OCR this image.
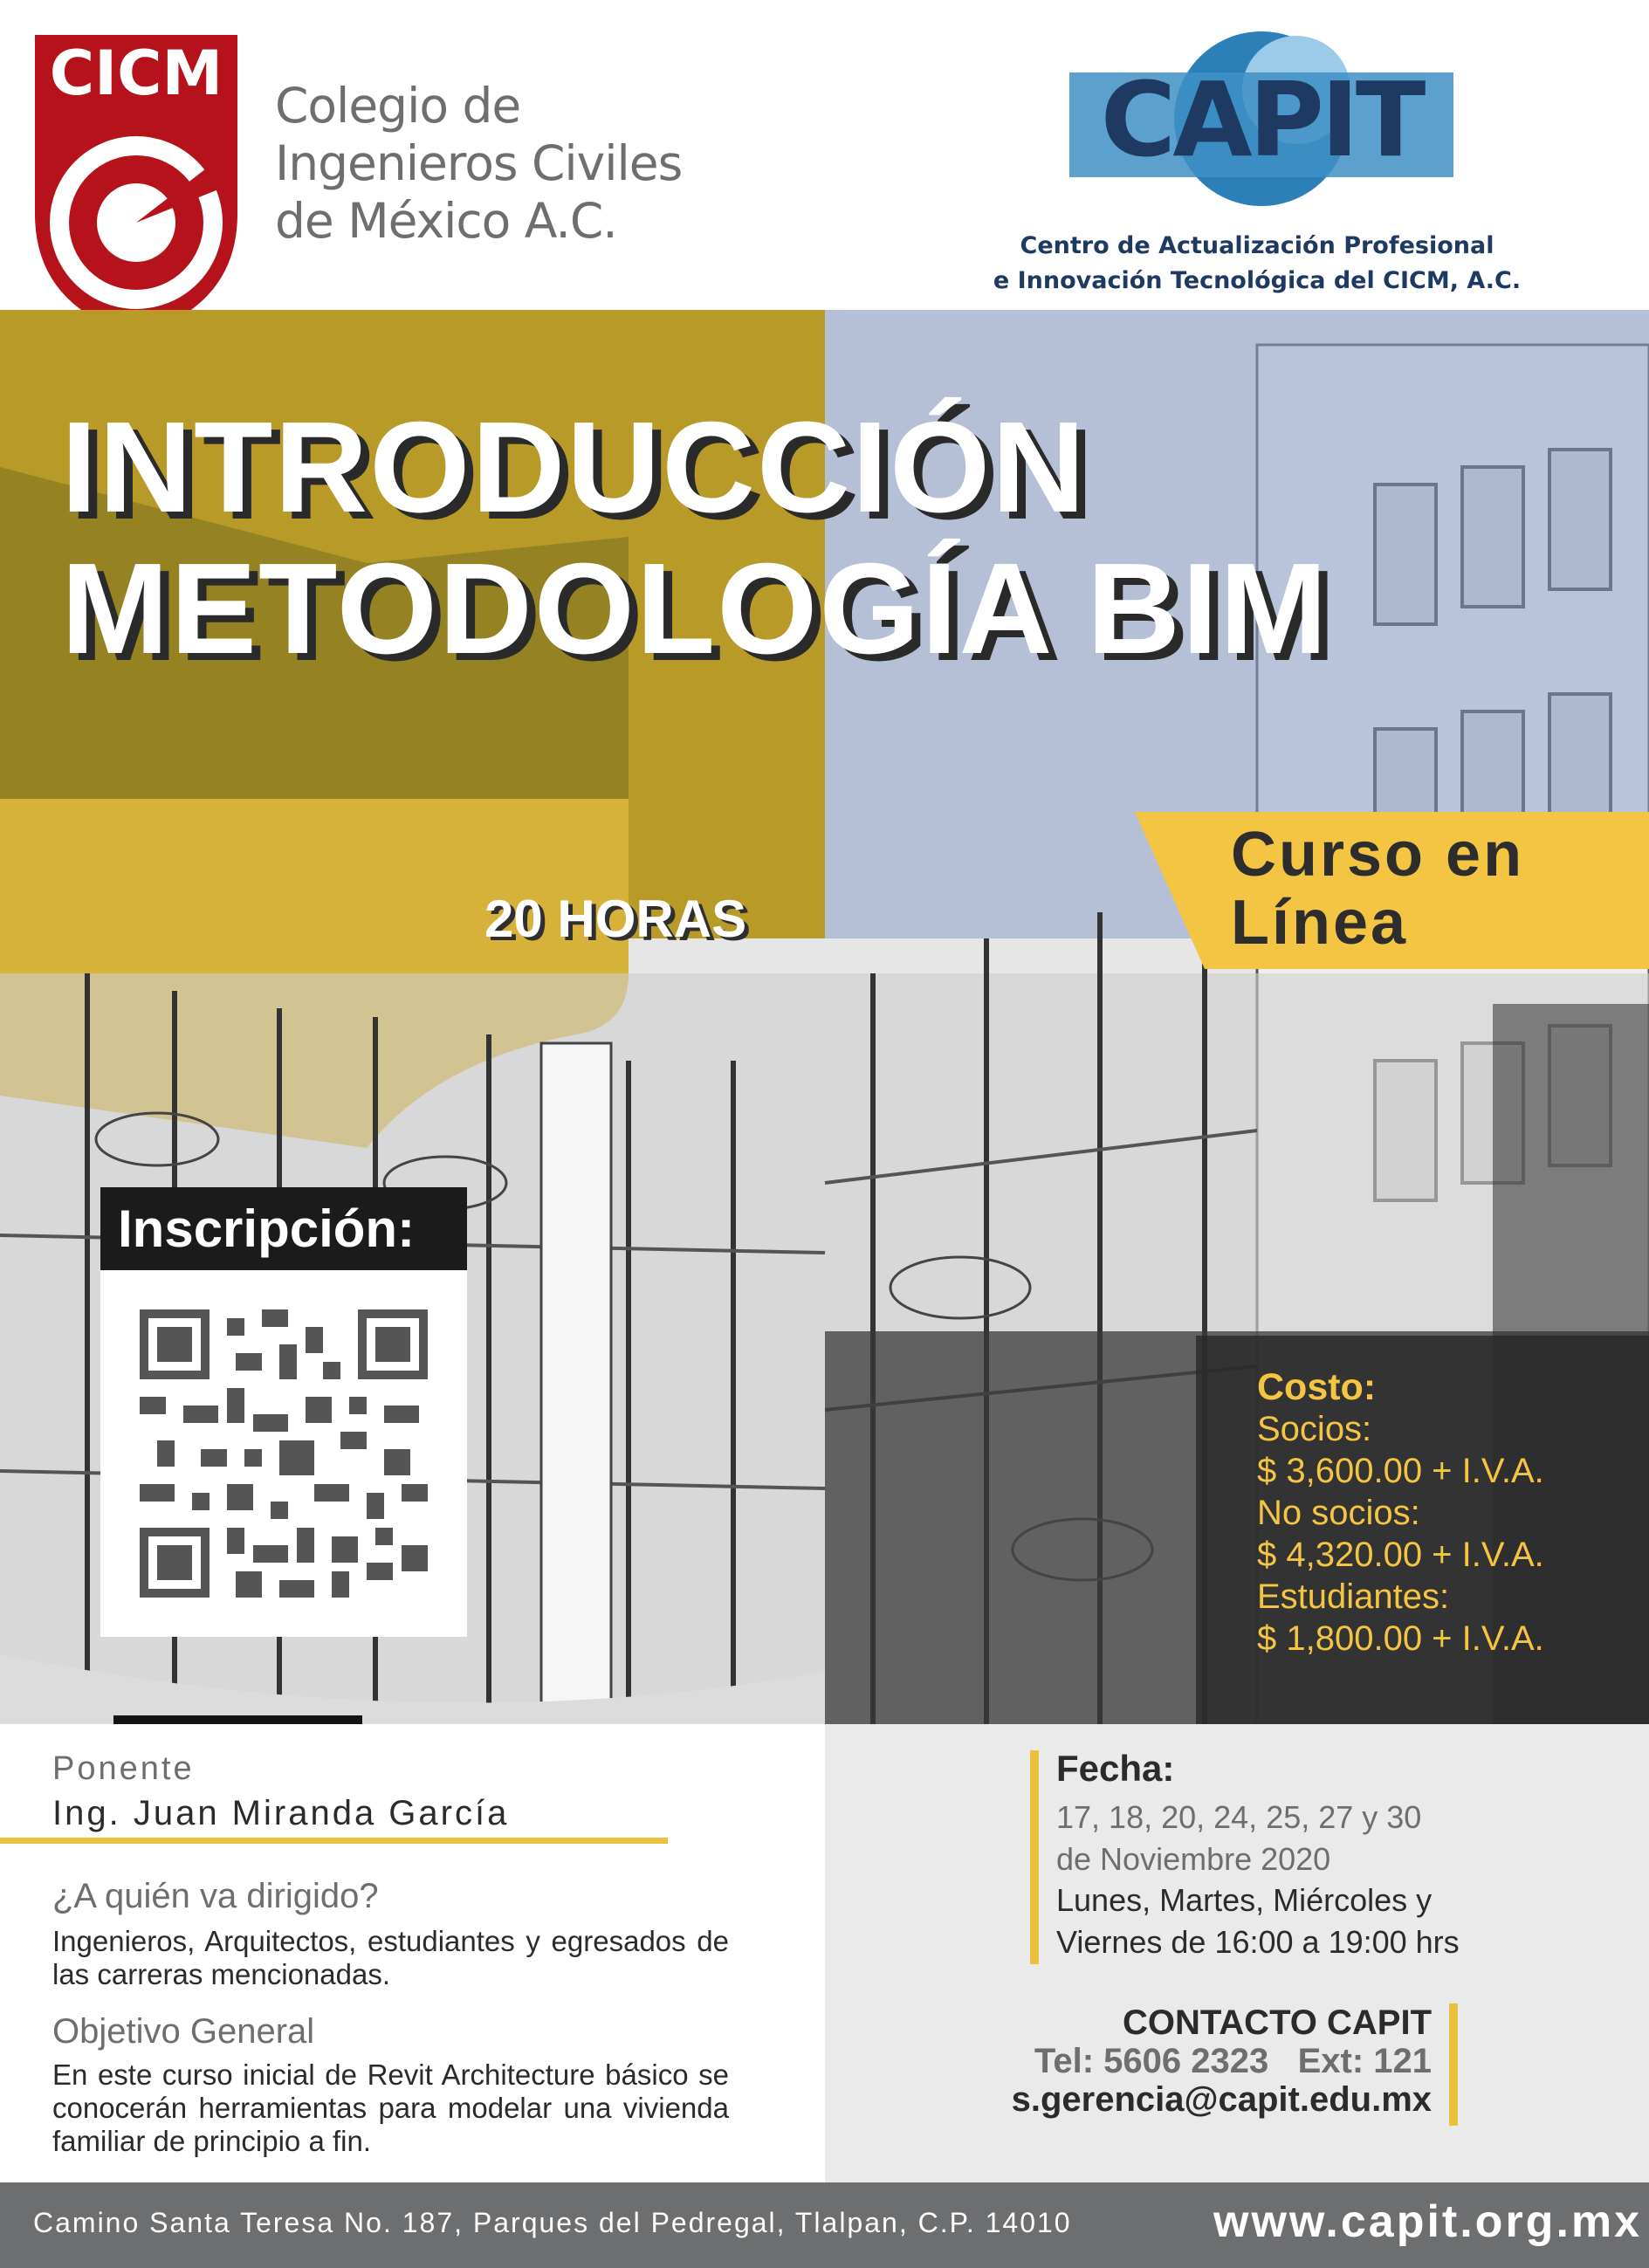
CICM Colegio de
Ingenieros Civiles
de México A.C.
CAPIT
Centro de Actualización Profesional
e Innovación Tecnológica del CICM, A.C.
INTRODUCCIÓN
METODOLOGÍA BIM
20 HORAS
Curso en
Línea
Inscripción:
Costo:
Socios:
$ 3,600.00 + I.V.A.
No socios:
$ 4,320.00 + I.V.A.
Estudiantes:
$ 1,800.00 + I.V.A.
Ponente
Ing. Juan Miranda García
¿A quién va dirigido?
Ingenieros, Arquitectos, estudiantes y egresados de las carreras mencionadas.
Objetivo General
En este curso inicial de Revit Architecture básico se conocerán herramientas para modelar una vivienda familiar de principio a fin.
Fecha:
17, 18, 20, 24, 25, 27 y 30
de Noviembre 2020
Lunes, Martes, Miércoles y
Viernes de 16:00 a 19:00 hrs
CONTACTO CAPIT
Tel: 5606 2323   Ext: 121
s.gerencia@capit.edu.mx
Camino Santa Teresa No. 187, Parques del Pedregal, Tlalpan, C.P. 14010	www.capit.org.mx
